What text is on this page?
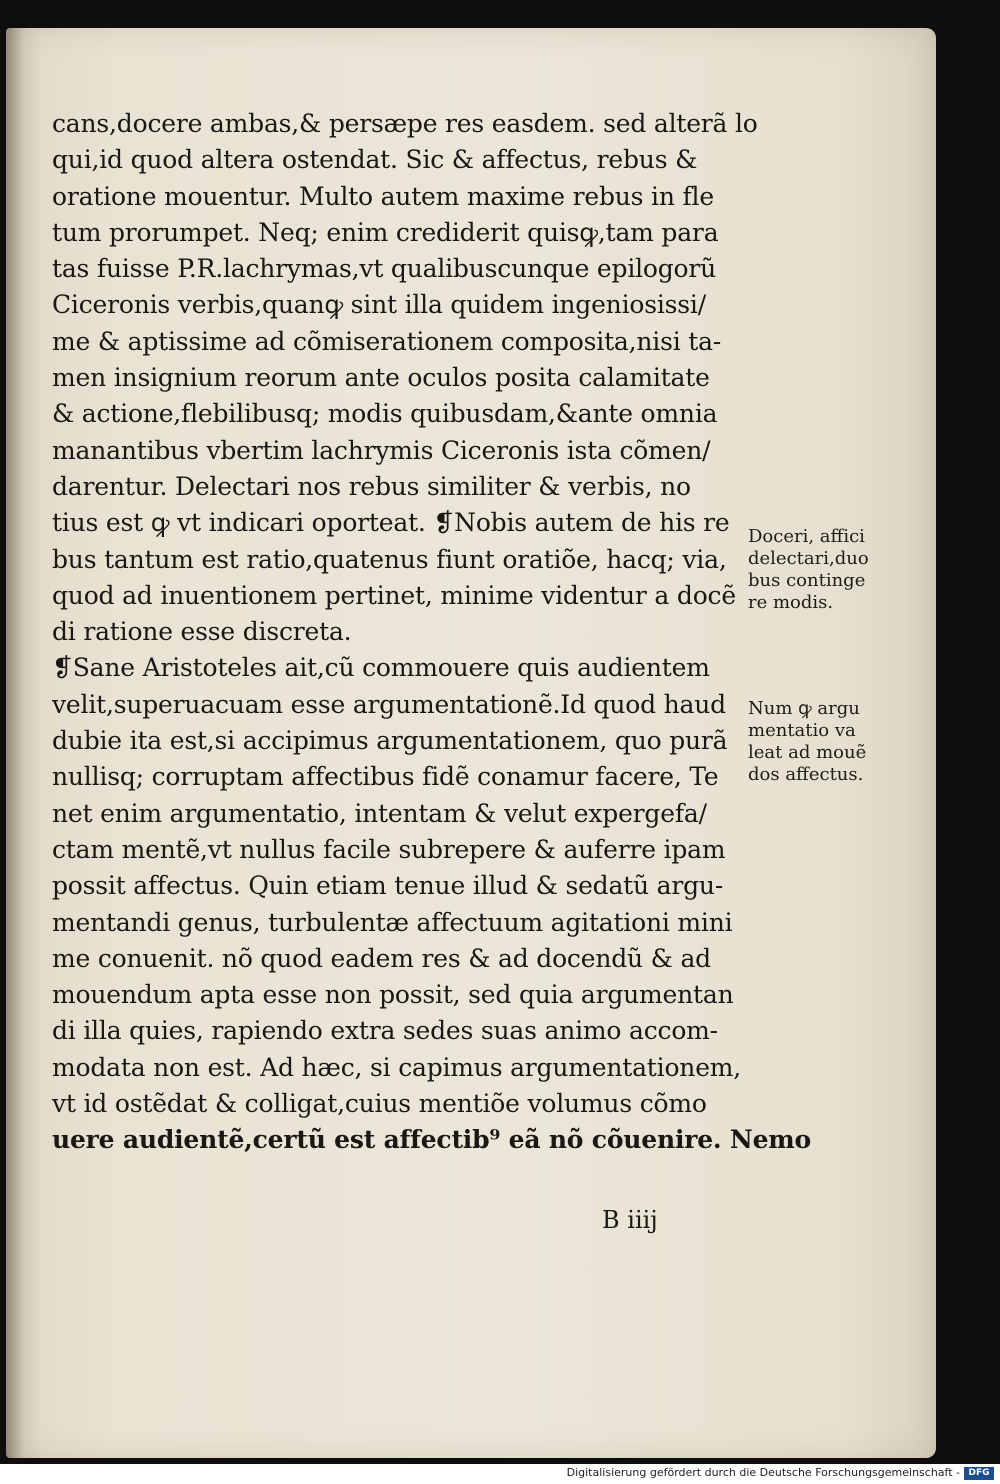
cans,docere ambas,& persæpe res easdem. sed alterã lo
qui,id quod altera ostendat. Sic & affectus, rebus &
oratione mouentur. Multo autem maxime rebus in fle
tum prorumpet. Neq; enim crediderit quisꝙ,tam para
tas fuisse P.R.lachrymas,vt qualibuscunque epilogorũ
Ciceronis verbis,quanꝙ sint illa quidem ingeniosissi/
me & aptissime ad cõmiserationem composita,nisi ta-
men insignium reorum ante oculos posita calamitate
& actione,flebilibusq; modis quibusdam,&ante omnia
manantibus vbertim lachrymis Ciceronis ista cõmen/
darentur. Delectari nos rebus similiter & verbis, no
tius est ꝙ vt indicari oporteat. ❡Nobis autem de his re
bus tantum est ratio,quatenus fiunt oratiõe, hacq; via,
quod ad inuentionem pertinet, minime videntur a docẽ
di ratione esse discreta.
❡Sane Aristoteles ait,cũ commouere quis audientem
velit,superuacuam esse argumentationẽ.Id quod haud
dubie ita est,si accipimus argumentationem, quo purã
nullisq; corruptam affectibus fidẽ conamur facere, Te
net enim argumentatio, intentam & velut expergefa/
ctam mentẽ,vt nullus facile subrepere & auferre ipam
possit affectus. Quin etiam tenue illud & sedatũ argu-
mentandi genus, turbulentæ affectuum agitationi mini
me conuenit. nõ quod eadem res & ad docendũ & ad
mouendum apta esse non possit, sed quia argumentan
di illa quies, rapiendo extra sedes suas animo accom-
modata non est. Ad hæc, si capimus argumentationem,
vt id ostẽdat & colligat,cuius mentiõe volumus cõmo
uere audientẽ,certũ est affectib⁹ eã nõ cõuenire. Nemo
Doceri, affici
delectari,duo
bus continge
re modis.
Num ꝙ argu
mentatio va
leat ad mouẽ
dos affectus.
B iiij
Digitalisierung gefördert durch die Deutsche Forschungsgemeinschaft - DFG
